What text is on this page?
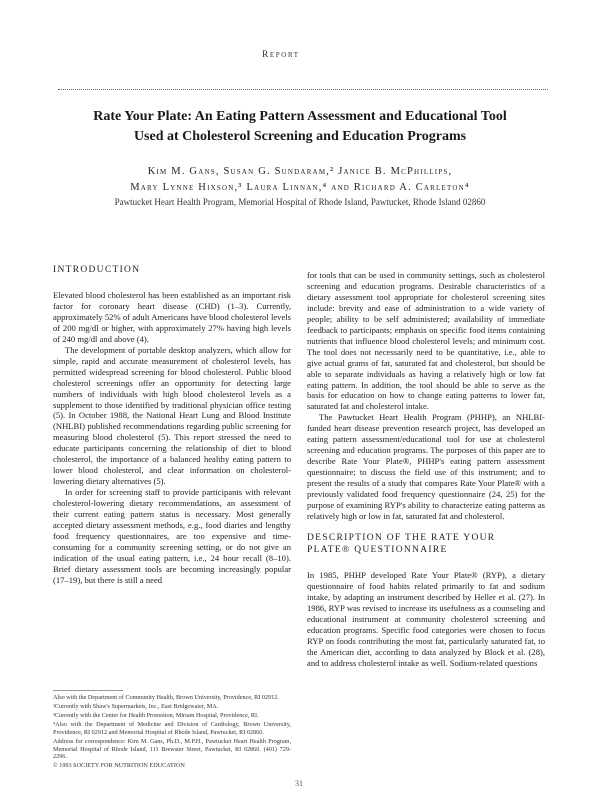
Report
Rate Your Plate: An Eating Pattern Assessment and Educational Tool
Used at Cholesterol Screening and Education Programs
Kim M. Gans, Susan G. Sundaram,² Janice B. McPhillips,
Mary Lynne Hixson,³ Laura Linnan,⁴ and Richard A. Carleton⁴
Pawtucket Heart Health Program, Memorial Hospital of Rhode Island, Pawtucket, Rhode Island 02860
INTRODUCTION

Elevated blood cholesterol has been established as an important risk factor for coronary heart disease (CHD) (1–3). Currently, approximately 52% of adult Americans have blood cholesterol levels of 200 mg/dl or higher, with approximately 27% having high levels of 240 mg/dl and above (4).

The development of portable desktop analyzers, which allow for simple, rapid and accurate measurement of cholesterol levels, has permitted widespread screening for blood cholesterol. Public blood cholesterol screenings offer an opportunity for detecting large numbers of individuals with high blood cholesterol levels as a supplement to those identified by traditional physician office testing (5). In October 1988, the National Heart Lung and Blood Institute (NHLBI) published recommendations regarding public screening for measuring blood cholesterol (5). This report stressed the need to educate participants concerning the relationship of diet to blood cholesterol, the importance of a balanced healthy eating pattern to lower blood cholesterol, and clear information on cholesterol-lowering dietary alternatives (5).

In order for screening staff to provide participants with relevant cholesterol-lowering dietary recommendations, an assessment of their current eating pattern status is necessary. Most generally accepted dietary assessment methods, e.g., food diaries and lengthy food frequency questionnaires, are too expensive and time-consuming for a community screening setting, or do not give an indication of the usual eating pattern, i.e., 24 hour recall (8–10). Brief dietary assessment tools are becoming increasingly popular (17–19), but there is still a need

Also with the Department of Community Health, Brown University, Providence, RI 02912.

²Currently with Shaw's Supermarkets, Inc., East Bridgewater, MA.

³Currently with the Center for Health Promotion, Miriam Hospital, Providence, RI.

⁴Also with the Department of Medicine and Division of Cardiology, Brown University, Providence, RI 02912 and Memorial Hospital of Rhode Island, Pawtucket, RI 02860.

Address for correspondence: Kim M. Gans, Ph.D., M.P.H., Pawtucket Heart Health Program, Memorial Hospital of Rhode Island, 111 Brewster Street, Pawtucket, RI 02860. (401) 729-2296.

© 1993 SOCIETY FOR NUTRITION EDUCATION

for tools that can be used in community settings, such as cholesterol screening and education programs. Desirable characteristics of a dietary assessment tool appropriate for cholesterol screening sites include: brevity and ease of administration to a wide variety of people; ability to be self administered; availability of immediate feedback to participants; emphasis on specific food items containing nutrients that influence blood cholesterol levels; and minimum cost. The tool does not necessarily need to be quantitative, i.e., able to give actual grams of fat, saturated fat and cholesterol, but should be able to separate individuals as having a relatively high or low fat eating pattern. In addition, the tool should be able to serve as the basis for education on how to change eating patterns to lower fat, saturated fat and cholesterol intake.

The Pawtucket Heart Health Program (PHHP), an NHLBI-funded heart disease prevention research project, has developed an eating pattern assessment/educational tool for use at cholesterol screening and education programs. The purposes of this paper are to describe Rate Your Plate®, PHHP's eating pattern assessment questionnaire; to discuss the field use of this instrument; and to present the results of a study that compares Rate Your Plate® with a previously validated food frequency questionnaire (24, 25) for the purpose of examining RYP's ability to characterize eating patterns as relatively high or low in fat, saturated fat and cholesterol.

DESCRIPTION OF THE RATE YOUR
PLATE® QUESTIONNAIRE

In 1985, PHHP developed Rate Your Plate® (RYP), a dietary questionnaire of food habits related primarily to fat and sodium intake, by adapting an instrument described by Heller et al. (27). In 1986, RYP was revised to increase its usefulness as a counseling and educational instrument at community cholesterol screening and education programs. Specific food categories were chosen to focus RYP on foods contributing the most fat, particularly saturated fat, to the American diet, according to data analyzed by Block et al. (28), and to address cholesterol intake as well. Sodium-related questions

31
